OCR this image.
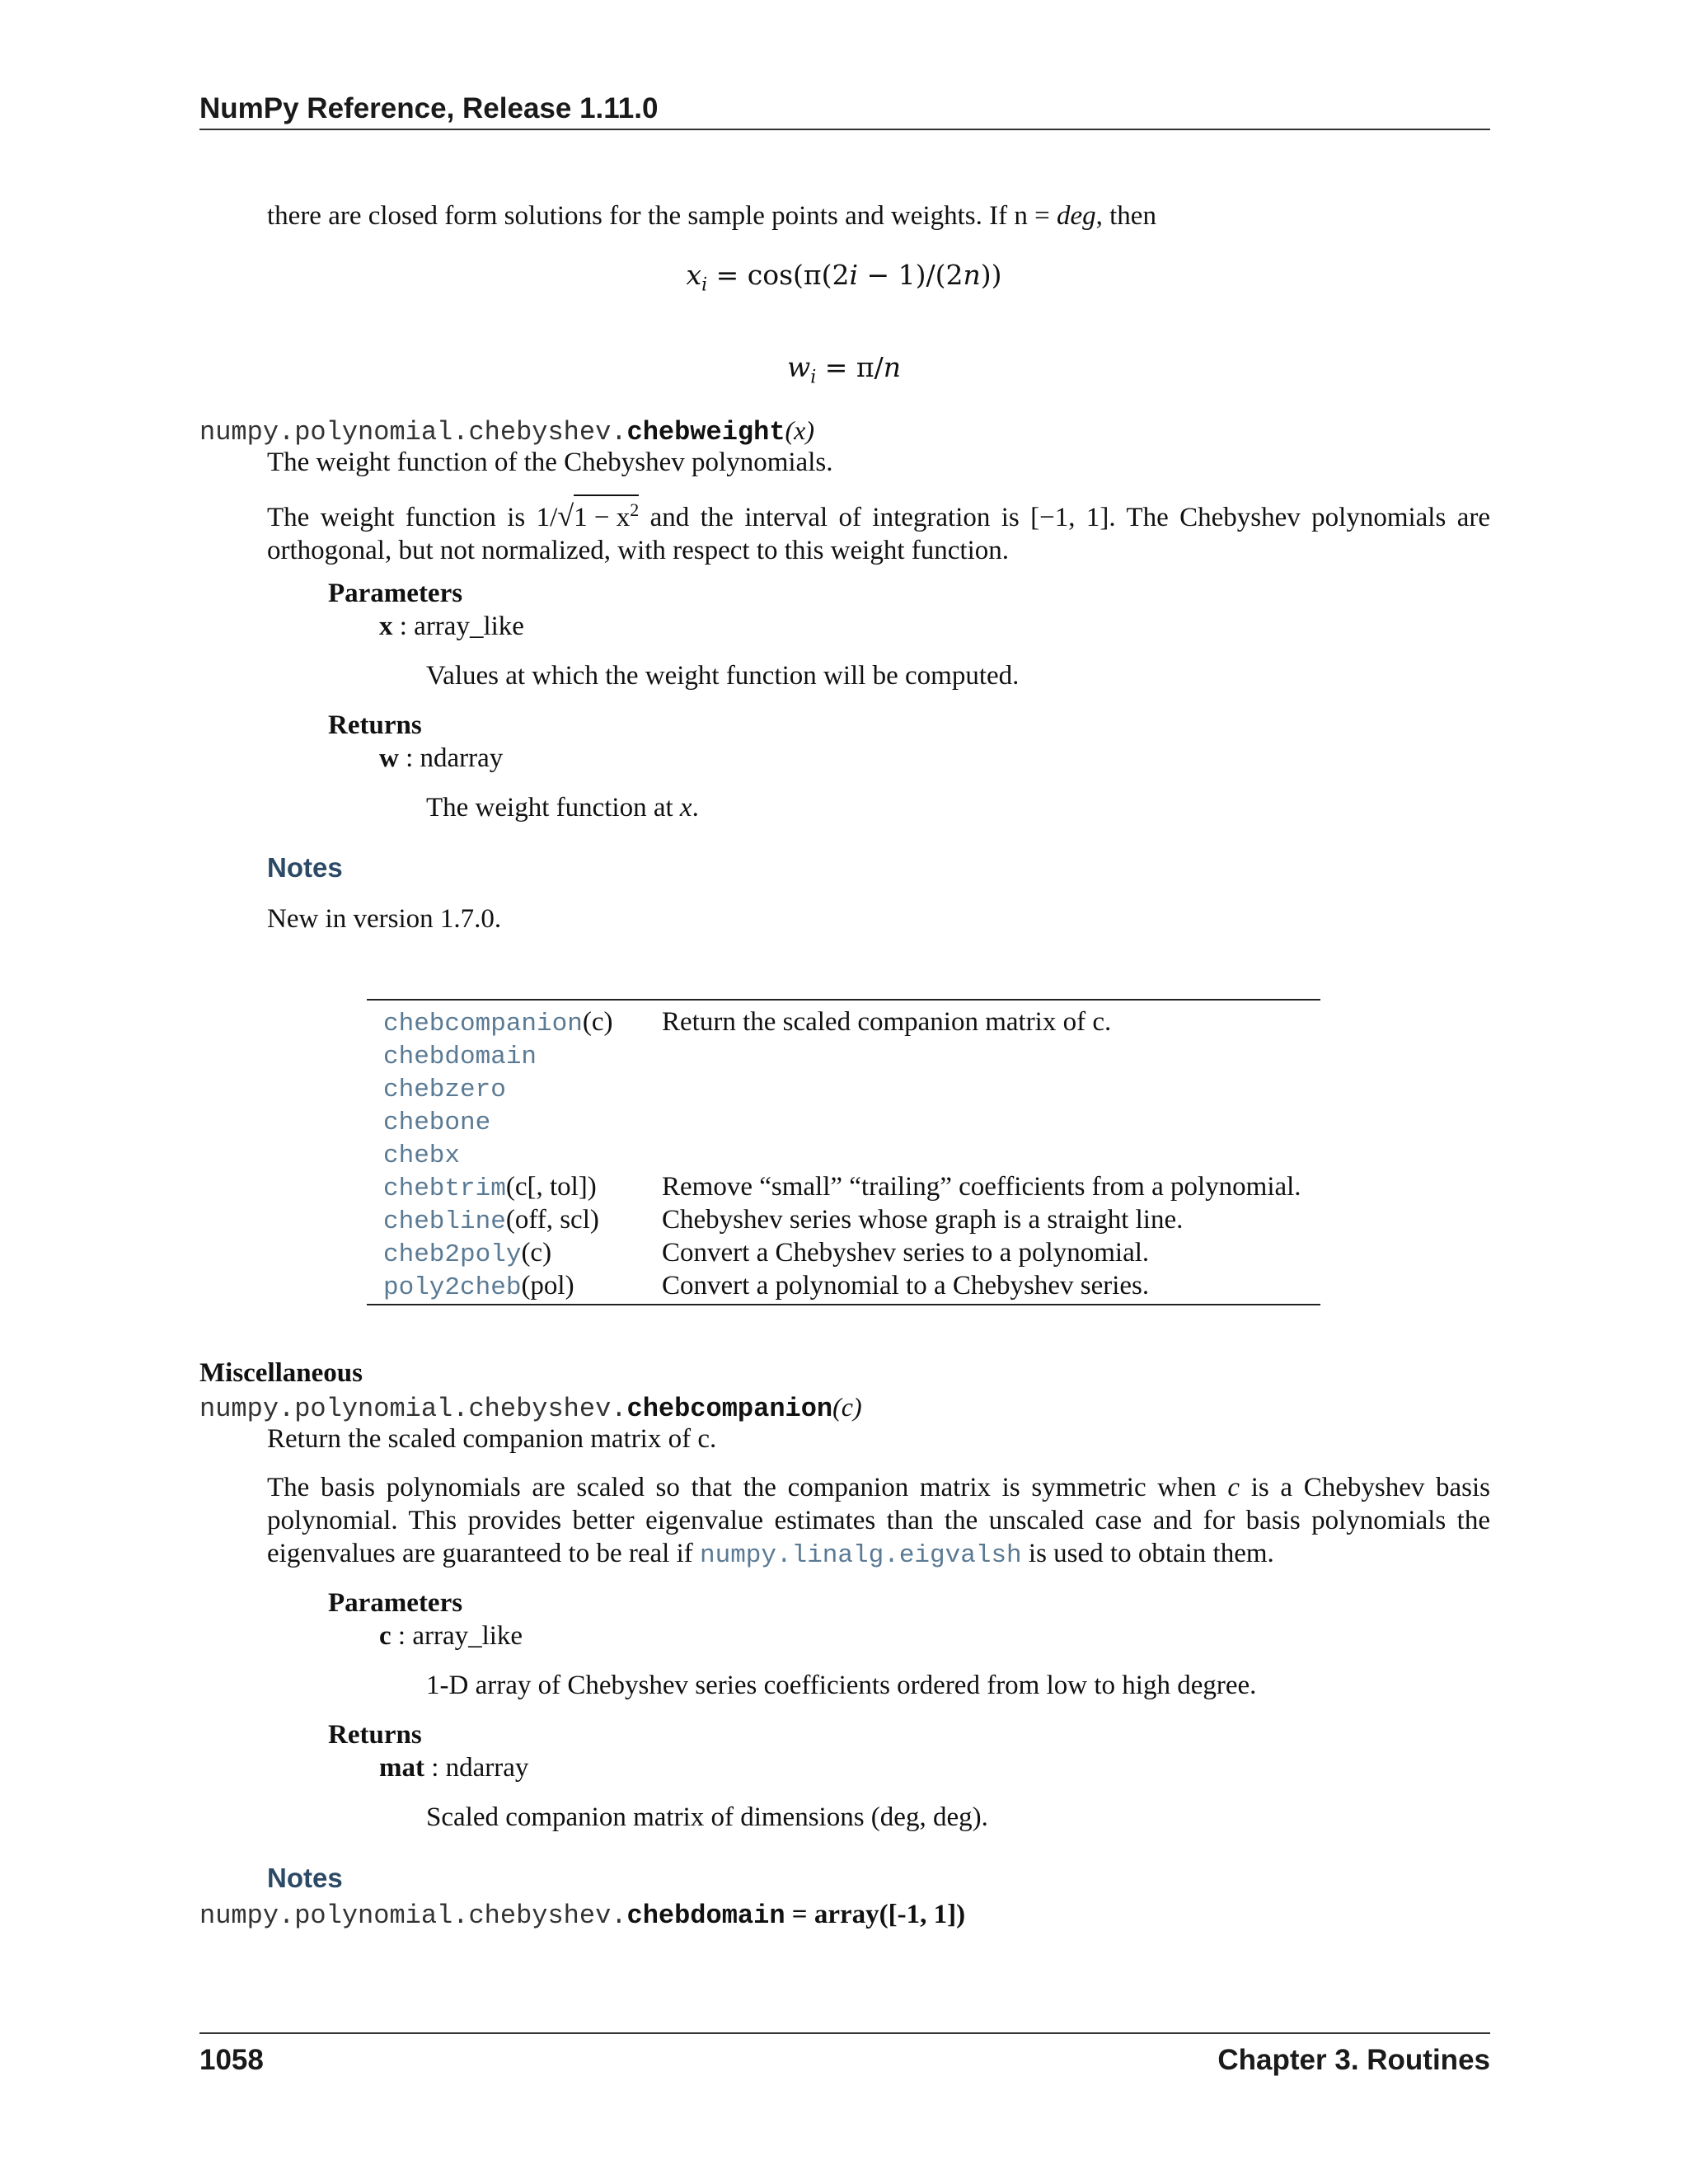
NumPy Reference, Release 1.11.0
there are closed form solutions for the sample points and weights. If n = deg, then
$x_i = \cos(\pi(2i - 1)/(2n))$
$w_i = \pi/n$
numpy.polynomial.chebyshev.chebweight(x)
The weight function of the Chebyshev polynomials.
The weight function is $1/√1 - x^2$ and the interval of integration is [−1, 1]. The Chebyshev polynomials are orthogonal, but not normalized, with respect to this weight function.
Parameters
x : array_like
Values at which the weight function will be computed.
Returns
w : ndarray
The weight function at x.
Notes
New in version 1.7.0.
chebcompanion(c)	Return the scaled companion matrix of c.
chebdomain
chebzero
chebone
chebx
chebtrim(c[, tol])	Remove “small” “trailing” coefficients from a polynomial.
chebline(off, scl)	Chebyshev series whose graph is a straight line.
cheb2poly(c)	Convert a Chebyshev series to a polynomial.
poly2cheb(pol)	Convert a polynomial to a Chebyshev series.
Miscellaneous
numpy.polynomial.chebyshev.chebcompanion(c)
Return the scaled companion matrix of c.
The basis polynomials are scaled so that the companion matrix is symmetric when c is a Chebyshev basis polynomial. This provides better eigenvalue estimates than the unscaled case and for basis polynomials the eigenvalues are guaranteed to be real if numpy.linalg.eigvalsh is used to obtain them.
Parameters
c : array_like
1-D array of Chebyshev series coefficients ordered from low to high degree.
Returns
mat : ndarray
Scaled companion matrix of dimensions (deg, deg).
Notes
numpy.polynomial.chebyshev.chebdomain = array([-1, 1])
1058	Chapter 3. Routines
